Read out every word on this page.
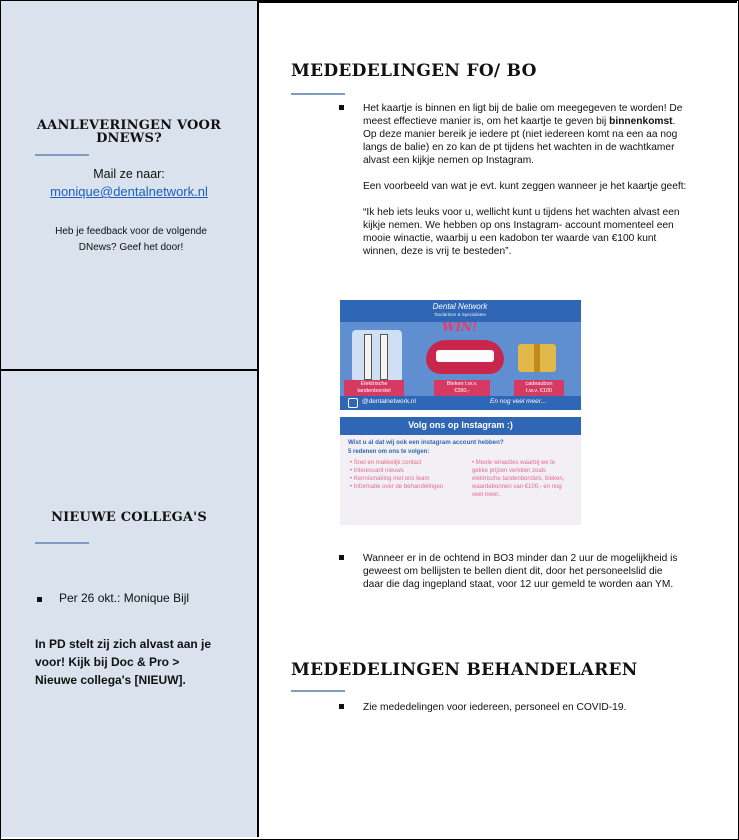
AANLEVERINGEN VOOR
DNEWS?
Mail ze naar:
monique@dentalnetwork.nl
Heb je feedback voor de volgende
DNews? Geef het door!
NIEUWE COLLEGA'S
Per 26 okt.: Monique Bijl
In PD stelt zij zich alvast aan je
voor! Kijk bij Doc & Pro >
Nieuwe collega's [NIEUW].
MEDEDELINGEN FO/ BO

Het kaartje is binnen en ligt bij de balie om meegegeven te worden! De

meest effectieve manier is, om het kaartje te geven bij binnenkomst.

Op deze manier bereik je iedere pt (niet iedereen komt na een aa nog

langs de balie) en zo kan de pt tijdens het wachten in de wachtkamer

alvast een kijkje nemen op Instagram.

Een voorbeeld van wat je evt. kunt zeggen wanneer je het kaartje geeft:

“Ik heb iets leuks voor u, wellicht kunt u tijdens het wachten alvast een

kijkje nemen. We hebben op ons Instagram- account momenteel een

mooie winactie, waarbij u een kadobon ter waarde van €100 kunt

winnen, deze is vrij te besteden”.

Dental Network
Tandartsen & Specialisten
WIN!
Elektrische
tandenborstel
Bleken t.w.v.
€280,-
cadeaubon
t.w.v. €100
@dentalnetwork.nl	En nog veel meer...
Volg ons op Instagram :)
Wist u al dat wij ook een instagram account hebben?
5 redenen om ons te volgen:
• Snel en makkelijk contact
• Interessant nieuws
• Kennismaking met ons team
• Informatie over de behandelingen
• Mooie winacties waarbij we te gekke prijzen verloten zoals elektrische tandenborstels, bleken, waardebonnen van €100,- en nog veel meer..

Wanneer er in de ochtend in BO3 minder dan 2 uur de mogelijkheid is

geweest om bellijsten te bellen dient dit, door het personeelslid die

daar die dag ingepland staat, voor 12 uur gemeld te worden aan YM.

MEDEDELINGEN BEHANDELAREN
Zie mededelingen voor iedereen, personeel en COVID-19.
